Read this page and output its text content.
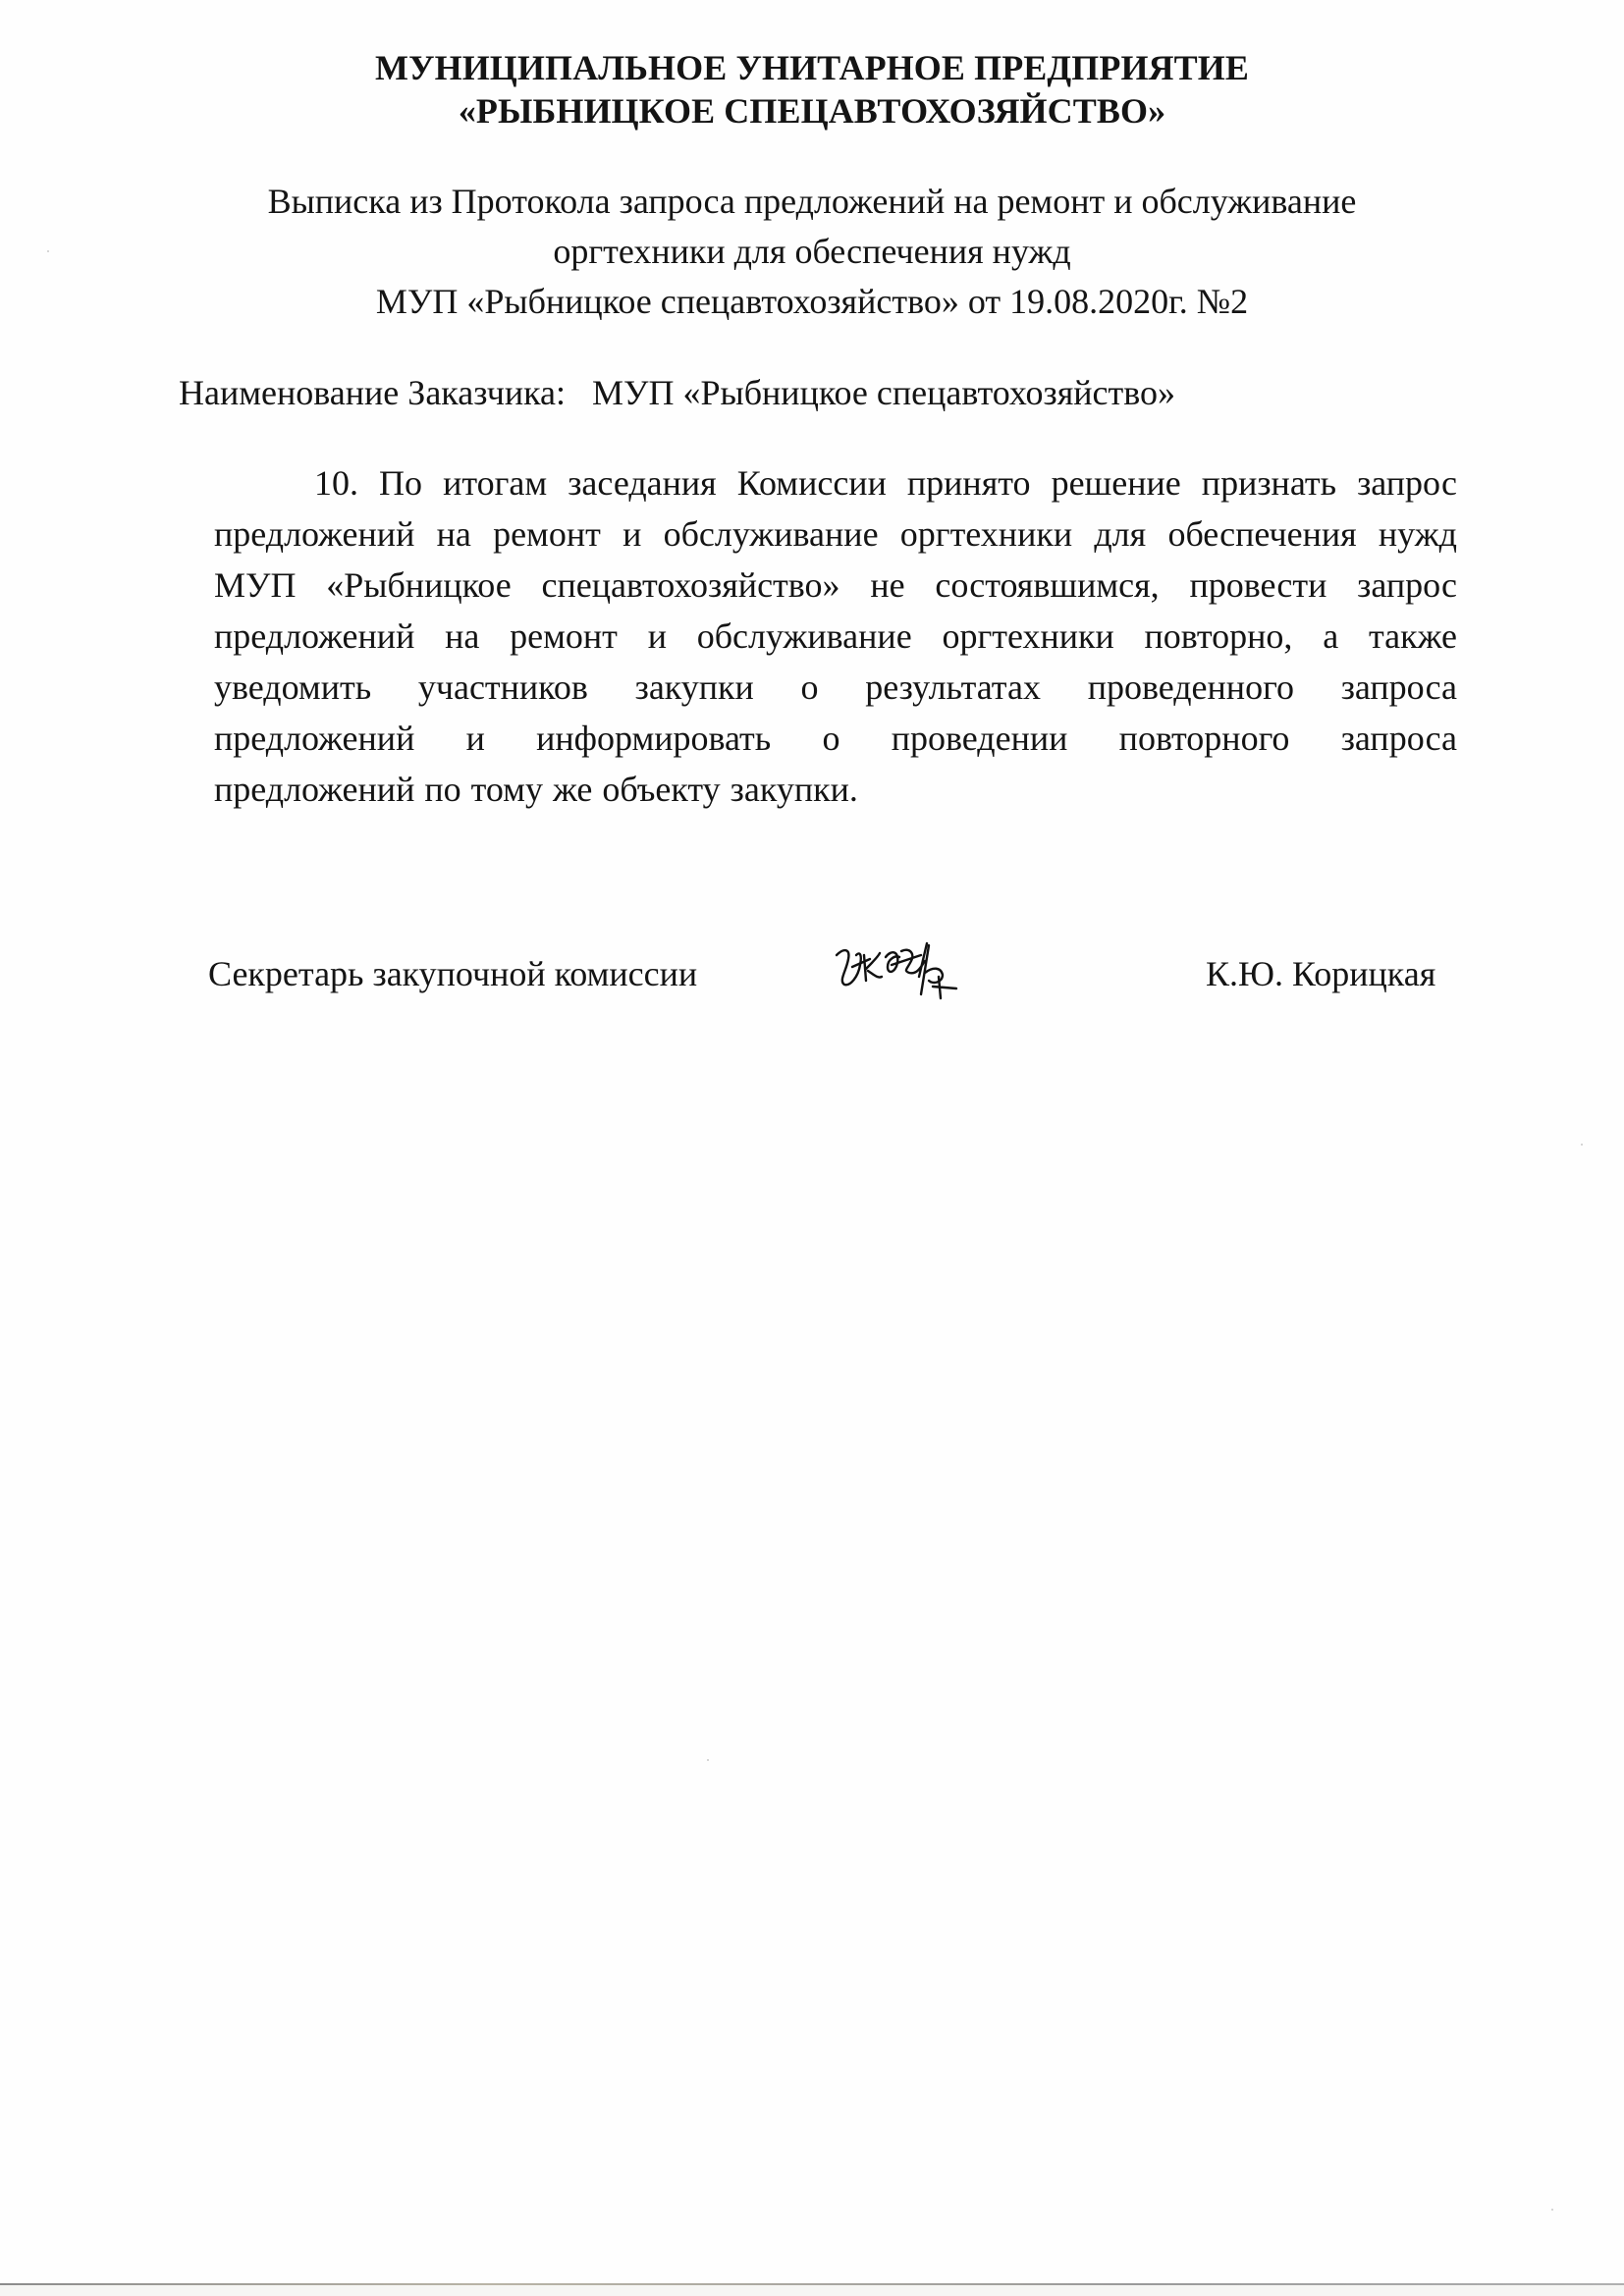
МУНИЦИПАЛЬНОЕ УНИТАРНОЕ ПРЕДПРИЯТИЕ
«РЫБНИЦКОЕ СПЕЦАВТОХОЗЯЙСТВО»
Выписка из Протокола запроса предложений на ремонт и обслуживание
оргтехники для обеспечения нужд
МУП «Рыбницкое спецавтохозяйство» от 19.08.2020г. №2
Наименование Заказчика: МУП «Рыбницкое спецавтохозяйство»
10. По итогам заседания Комиссии принято решение признать запрос
предложений на ремонт и обслуживание оргтехники для обеспечения нужд
МУП «Рыбницкое спецавтохозяйство» не состоявшимся, провести запрос
предложений на ремонт и обслуживание оргтехники повторно, а также
уведомить участников закупки о результатах проведенного запроса
предложений и информировать о проведении повторного запроса
предложений по тому же объекту закупки.
Секретарь закупочной комиссии	К.Ю. Корицкая
